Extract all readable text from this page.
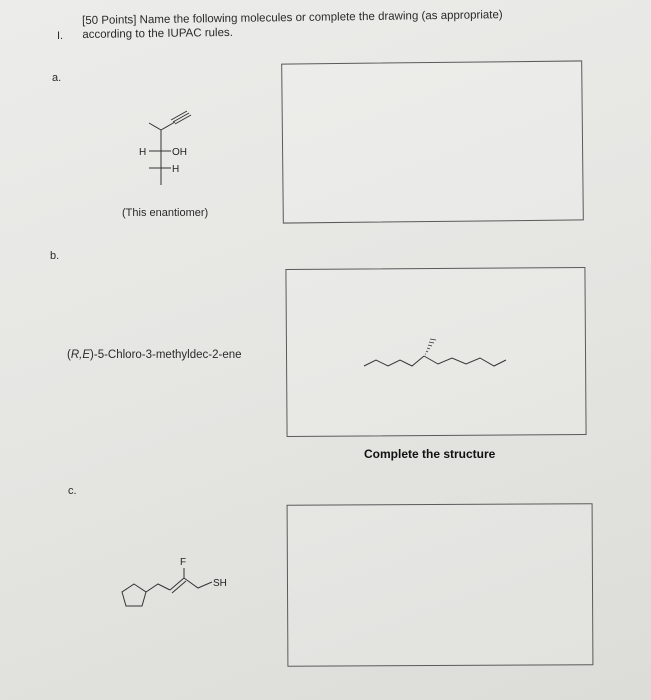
I.
[50 Points] Name the following molecules or complete the drawing (as appropriate)
according to the IUPAC rules.
a.
H	OH
H
(This enantiomer)
b.
(R,E)-5-Chloro-3-methyldec-2-ene
Complete the structure
c.
F
SH
